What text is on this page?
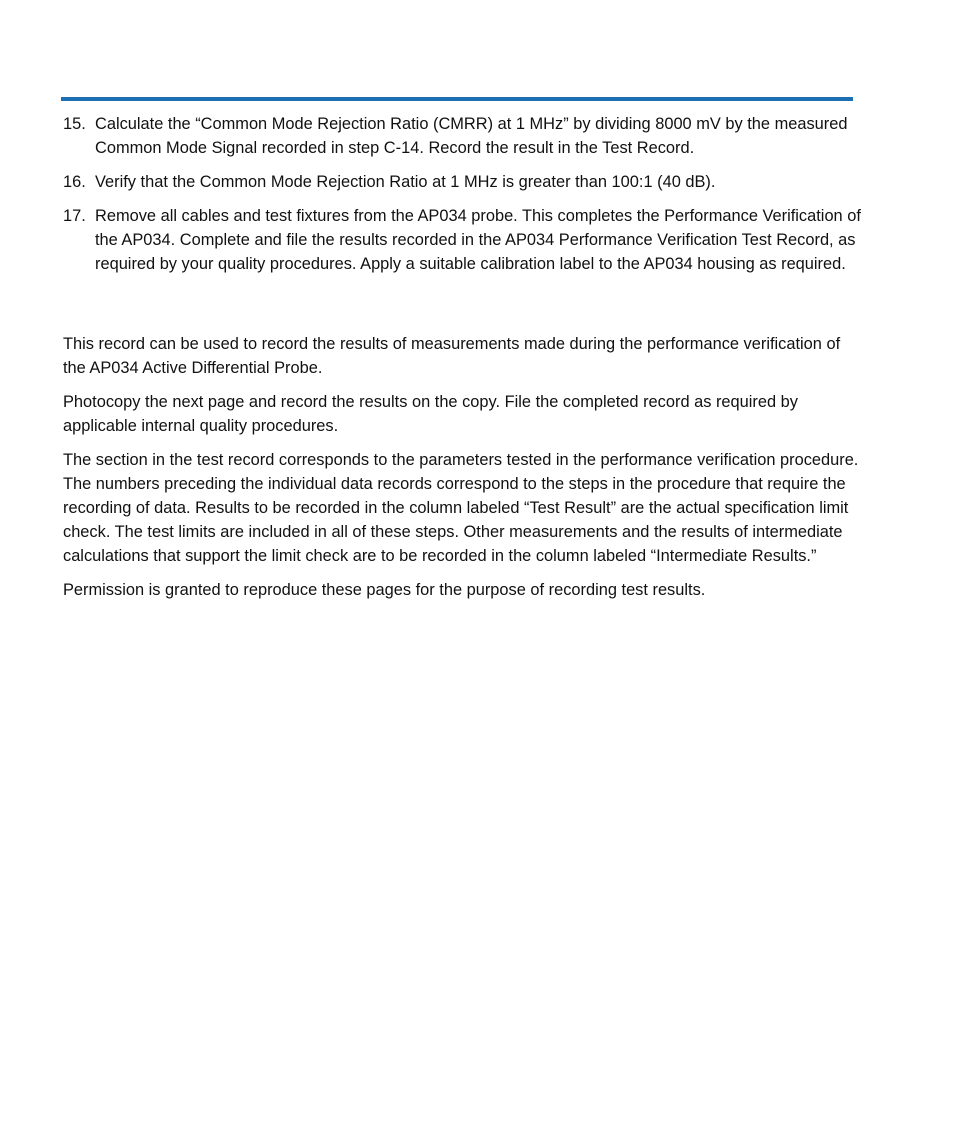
15. Calculate the “Common Mode Rejection Ratio (CMRR) at 1 MHz” by dividing 8000 mV by the measured Common Mode Signal recorded in step C-14. Record the result in the Test Record.
16. Verify that the Common Mode Rejection Ratio at 1 MHz is greater than 100:1 (40 dB).
17. Remove all cables and test fixtures from the AP034 probe. This completes the Performance Verification of the AP034. Complete and file the results recorded in the AP034 Performance Verification Test Record, as required by your quality procedures. Apply a suitable calibration label to the AP034 housing as required.

This record can be used to record the results of measurements made during the performance verification of the AP034 Active Differential Probe.

Photocopy the next page and record the results on the copy. File the completed record as required by applicable internal quality procedures.

The section in the test record corresponds to the parameters tested in the performance verification procedure. The numbers preceding the individual data records correspond to the steps in the procedure that require the recording of data. Results to be recorded in the column labeled “Test Result” are the actual specification limit check. The test limits are included in all of these steps. Other measurements and the results of intermediate calculations that support the limit check are to be recorded in the column labeled “Intermediate Results.”

Permission is granted to reproduce these pages for the purpose of recording test results.
